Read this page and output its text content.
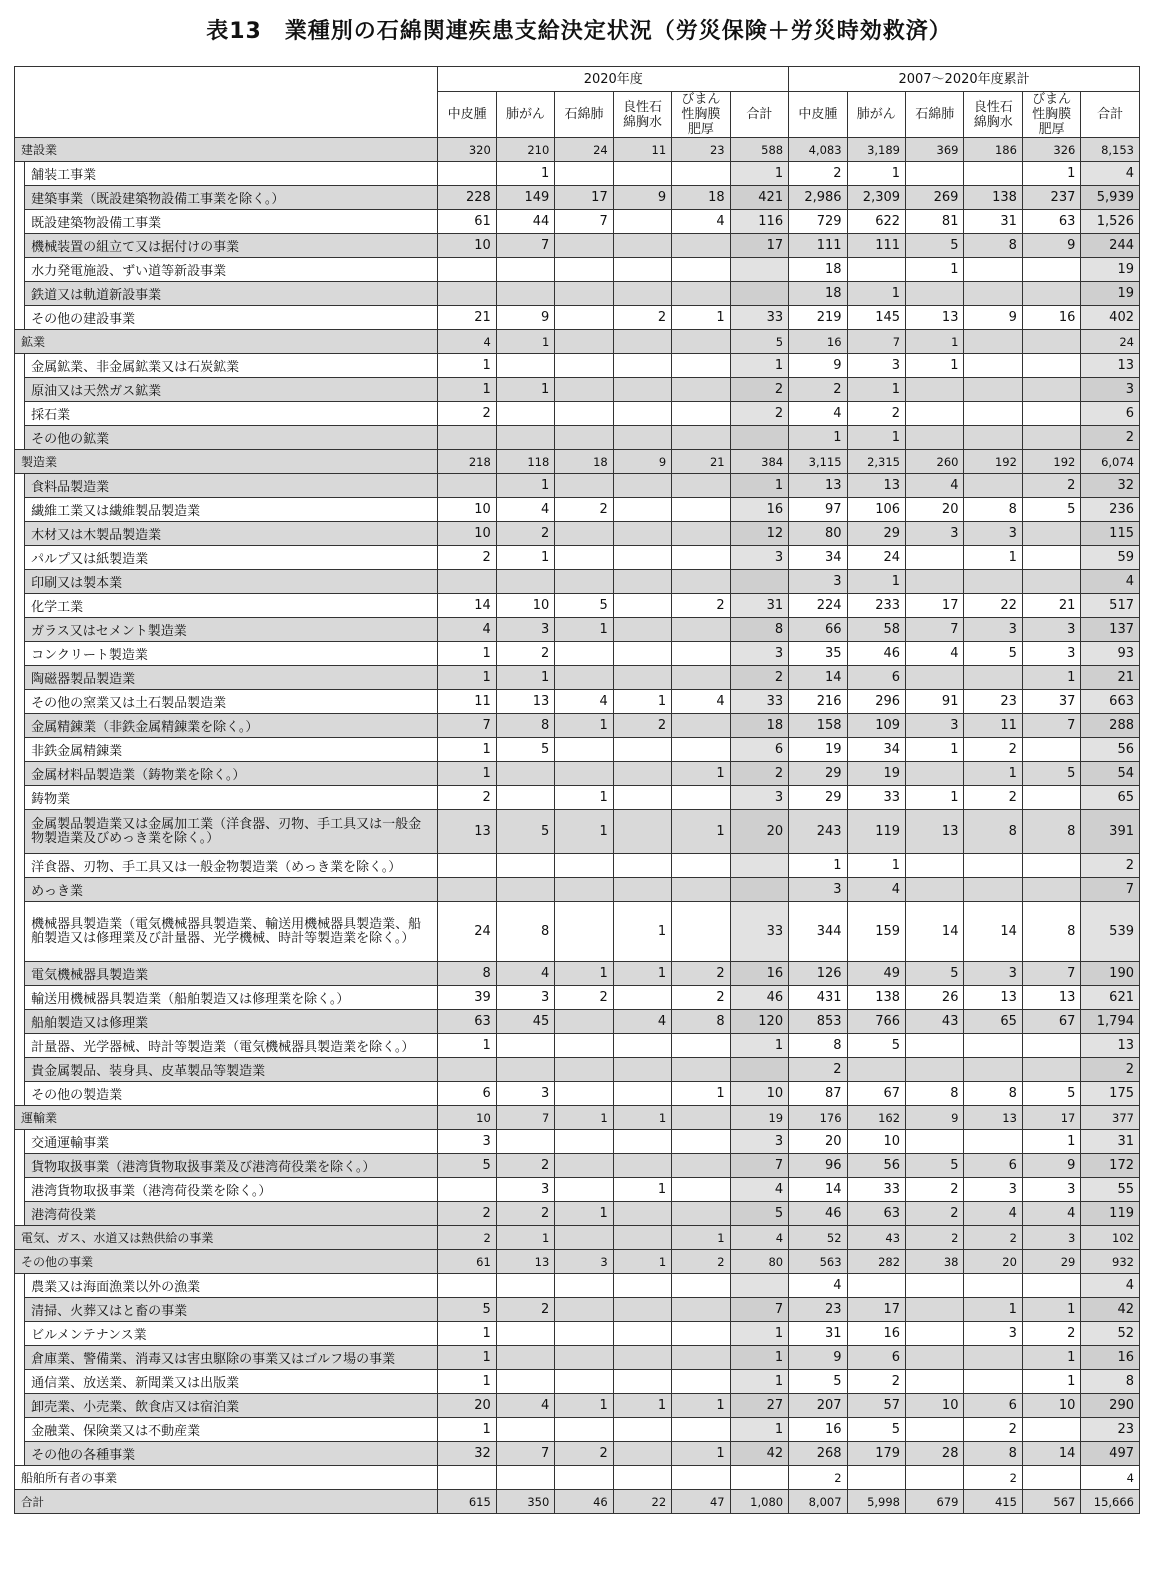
表13　業種別の石綿関連疾患支給決定状況（労災保険＋労災時効救済）
		2020年度						2007～2020年度累計					
		中皮腫	肺がん	石綿肺	良性石綿胸水	びまん性胸膜肥厚	合計	中皮腫	肺がん	石綿肺	良性石綿胸水	びまん性胸膜肥厚	合計
建設業		320	210	24	11	23	588	4,083	3,189	369	186	326	8,153
	舗装工事業		1				1	2	1			1	4
	建築事業（既設建築物設備工事業を除く。）	228	149	17	9	18	421	2,986	2,309	269	138	237	5,939
	既設建築物設備工事業	61	44	7		4	116	729	622	81	31	63	1,526
	機械装置の組立て又は据付けの事業	10	7				17	111	111	5	8	9	244
	水力発電施設、ずい道等新設事業							18		1			19
	鉄道又は軌道新設事業							18	1				19
	その他の建設事業	21	9		2	1	33	219	145	13	9	16	402
鉱業		4	1				5	16	7	1			24
	金属鉱業、非金属鉱業又は石炭鉱業	1					1	9	3	1			13
	原油又は天然ガス鉱業	1	1				2	2	1				3
	採石業	2					2	4	2				6
	その他の鉱業							1	1				2
製造業		218	118	18	9	21	384	3,115	2,315	260	192	192	6,074
	食料品製造業		1				1	13	13	4		2	32
	繊維工業又は繊維製品製造業	10	4	2			16	97	106	20	8	5	236
	木材又は木製品製造業	10	2				12	80	29	3	3		115
	パルプ又は紙製造業	2	1				3	34	24		1		59
	印刷又は製本業							3	1				4
	化学工業	14	10	5		2	31	224	233	17	22	21	517
	ガラス又はセメント製造業	4	3	1			8	66	58	7	3	3	137
	コンクリート製造業	1	2				3	35	46	4	5	3	93
	陶磁器製品製造業	1	1				2	14	6			1	21
	その他の窯業又は土石製品製造業	11	13	4	1	4	33	216	296	91	23	37	663
	金属精錬業（非鉄金属精錬業を除く。）	7	8	1	2		18	158	109	3	11	7	288
	非鉄金属精錬業	1	5				6	19	34	1	2		56
	金属材料品製造業（鋳物業を除く。）	1				1	2	29	19		1	5	54
	鋳物業	2		1			3	29	33	1	2		65
	金属製品製造業又は金属加工業（洋食器、刃物、手工具又は一般金物製造業及びめっき業を除く。）	13	5	1		1	20	243	119	13	8	8	391
	洋食器、刃物、手工具又は一般金物製造業（めっき業を除く。）							1	1				2
	めっき業							3	4				7
	機械器具製造業（電気機械器具製造業、輸送用機械器具製造業、船舶製造又は修理業及び計量器、光学機械、時計等製造業を除く。）	24	8		1		33	344	159	14	14	8	539
	電気機械器具製造業	8	4	1	1	2	16	126	49	5	3	7	190
	輸送用機械器具製造業（船舶製造又は修理業を除く。）	39	3	2		2	46	431	138	26	13	13	621
	船舶製造又は修理業	63	45		4	8	120	853	766	43	65	67	1,794
	計量器、光学器械、時計等製造業（電気機械器具製造業を除く。）	1					1	8	5				13
	貴金属製品、装身具、皮革製品等製造業							2					2
	その他の製造業	6	3			1	10	87	67	8	8	5	175
運輸業		10	7	1	1		19	176	162	9	13	17	377
	交通運輸事業	3					3	20	10			1	31
	貨物取扱事業（港湾貨物取扱事業及び港湾荷役業を除く。）	5	2				7	96	56	5	6	9	172
	港湾貨物取扱事業（港湾荷役業を除く。）		3		1		4	14	33	2	3	3	55
	港湾荷役業	2	2	1			5	46	63	2	4	4	119
電気、ガス、水道又は熱供給の事業		2	1			1	4	52	43	2	2	3	102
その他の事業		61	13	3	1	2	80	563	282	38	20	29	932
	農業又は海面漁業以外の漁業							4					4
	清掃、火葬又はと畜の事業	5	2				7	23	17		1	1	42
	ビルメンテナンス業	1					1	31	16		3	2	52
	倉庫業、警備業、消毒又は害虫駆除の事業又はゴルフ場の事業	1					1	9	6			1	16
	通信業、放送業、新聞業又は出版業	1					1	5	2			1	8
	卸売業、小売業、飲食店又は宿泊業	20	4	1	1	1	27	207	57	10	6	10	290
	金融業、保険業又は不動産業	1					1	16	5		2		23
	その他の各種事業	32	7	2		1	42	268	179	28	8	14	497
船舶所有者の事業								2			2		4
合計		615	350	46	22	47	1,080	8,007	5,998	679	415	567	15,666
